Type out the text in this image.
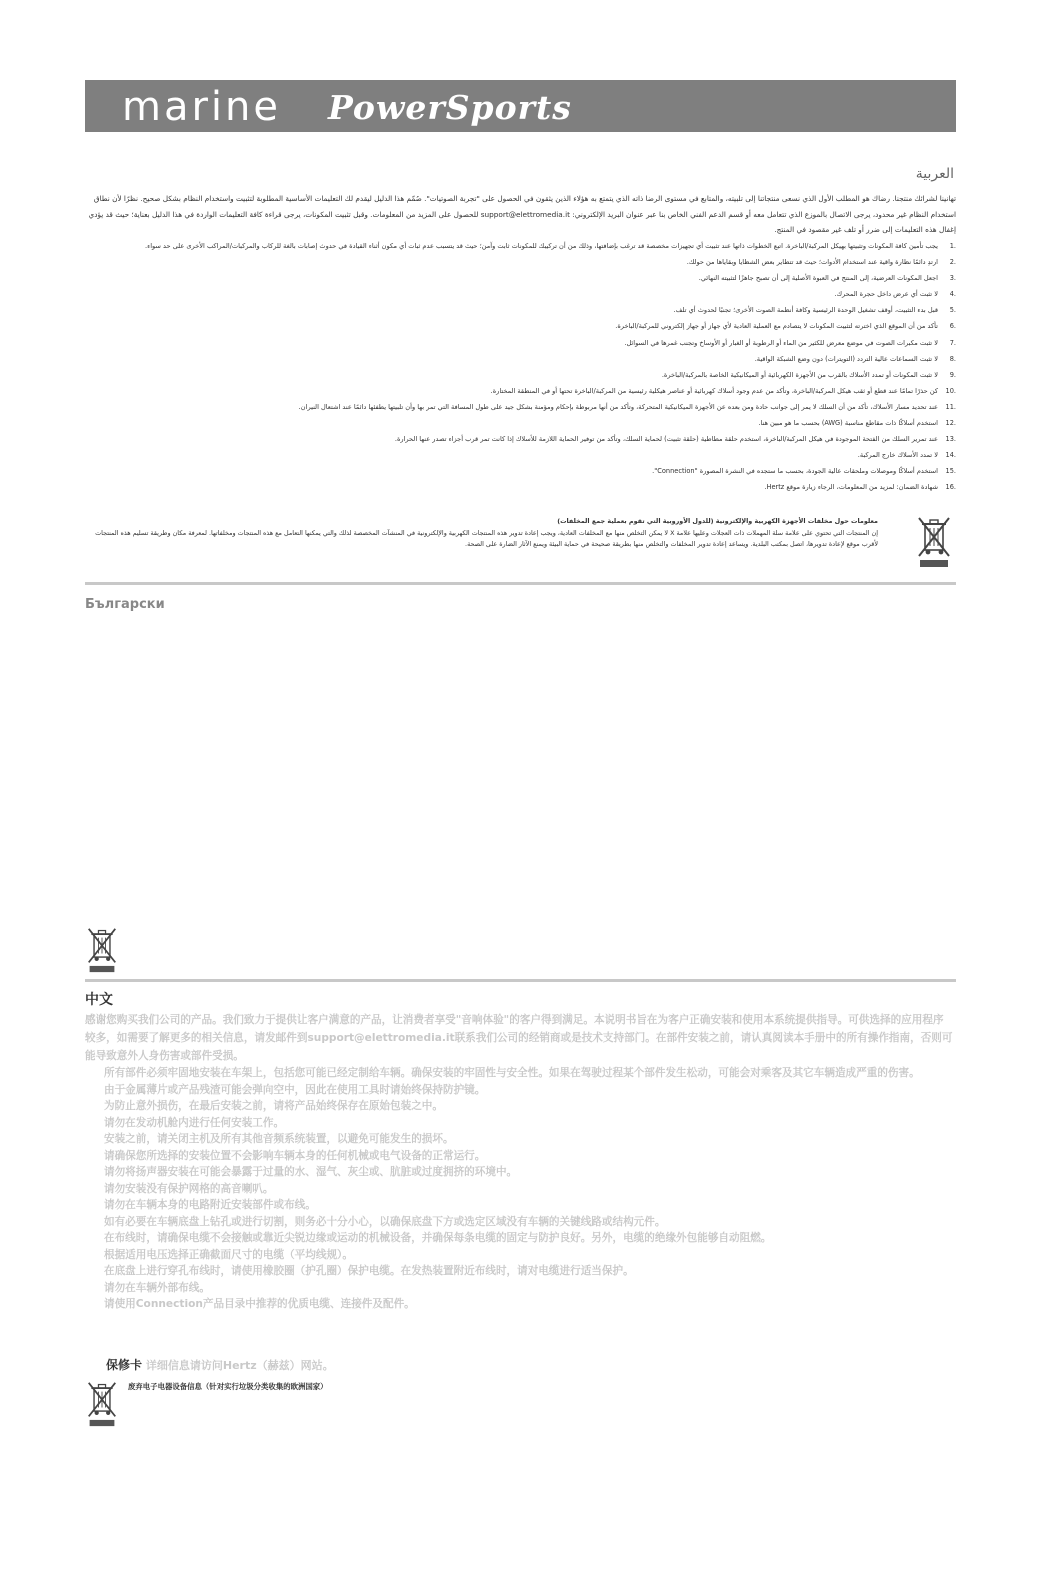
marine PowerSports
العربية
تهانينا لشرائك منتجنا. رضاك هو المطلب الأول الذي نسعى منتجاتنا إلى تلبيته، والمتابع في مستوى الرضا ذاته الذي يتمتع به هؤلاء الذين يثقون في الحصول على "تجربة الصوتيات". صُمّم هذا الدليل ليقدم لك التعليمات الأساسية المطلوبة لتثبيت واستخدام النظام بشكل صحيح. نظرًا لأن نطاق استخدام النظام غير محدود، يرجى الاتصال بالموزع الذي تتعامل معه أو قسم الدعم الفني الخاص بنا عبر عنوان البريد الإلكتروني: support@elettromedia.it للحصول على المزيد من المعلومات. وقبل تثبيت المكونات، يرجى قراءة كافة التعليمات الواردة في هذا الدليل بعناية؛ حيث قد يؤدي إغفال هذه التعليمات إلى ضرر أو تلف غير مقصود في المنتج.
.1
يجب تأمين كافة المكونات وتثبيتها بهيكل المركبة/الباخرة. اتبع الخطوات ذاتها عند تثبيت أي تجهيزات مخصصة قد ترغب بإضافتها، وذلك من أن تركيبك للمكونات ثابت وآمن؛ حيث قد يتسبب عدم ثبات أي مكون أثناء القيادة في حدوث إصابات بالغة للركاب والمركبات/المراكب الأخرى على حد سواء.
.2
ارتدِ دائمًا نظارة واقية عند استخدام الأدوات؛ حيث قد تتطاير بعض الشظايا وبقاياها من حولك.
.3
اجعل المكونات العرضية، إلى المنتج في العبوة الأصلية إلى أن تصبح جاهزًا لتثبيته النهائي.
.4
لا تثبت أي عرض داخل حجرة المحرك.
.5
قبل بدء التثبيت، أوقف تشغيل الوحدة الرئيسية وكافة أنظمة الصوت الأخرى؛ تجنبًا لحدوث أي تلف.
.6
تأكد من أن الموقع الذي اخترته لتثبيت المكونات لا يتصادم مع العملية العادية لأي جهاز أو جهاز إلكتروني للمركبة/الباخرة.
.7
لا تثبت مكبرات الصوت في موضع معرض للكثير من الماء أو الرطوبة أو الغبار أو الأوساخ وتجنب غمرها في السوائل.
.8
لا تثبت السماعات عالية التردد (التويترات) دون وضع الشبكة الواقية.
.9
لا تثبت المكونات أو تمدد الأسلاك بالقرب من الأجهزة الكهربائية أو الميكانيكية الخاصة بالمركبة/الباخرة.
.10
كن حذرًا تمامًا عند قطع أو ثقب هيكل المركبة/الباخرة، وتأكد من عدم وجود أسلاك كهربائية أو عناصر هيكلية رئيسية من المركبة/الباخرة تحتها أو في المنطقة المختارة.
.11
عند تحديد مسار الأسلاك، تأكد من أن السلك لا يمر إلى جوانب حادة ومن بعده عن الأجهزة الميكانيكية المتحركة، وتأكد من أنها مربوطة بإحكام ومؤمنة بشكل جيد على طول المسافة التي تمر بها وأن تلبيتها يطفئها دائمًا عند اشتعال النيران.
.12
استخدم أسلاكًا ذات مقاطع مناسبة (AWG) بحسب ما هو مبين هنا.
.13
عند تمرير السلك من الفتحة الموجودة في هيكل المركبة/الباخرة، استخدم حلقة مطاطية (حلقة تثبيت) لحماية السلك، وتأكد من توفير الحماية اللازمة للأسلاك إذا كانت تمر قرب أجزاء تصدر عنها الحرارة.
.14
لا تمدد الأسلاك خارج المركبة.
.15
استخدم أسلاكًا وموصلات وملحقات عالية الجودة، بحسب ما ستجده في النشرة المصورة "Connection".
.16
شهادة الضمان: لمزيد من المعلومات، الرجاء زيارة موقع Hertz.
معلومات حول مخلفات الأجهزة الكهربية والإلكترونية (للدول الأوروبية التي تقوم بعملية جمع المخلفات)
إن المنتجات التي تحتوي على علامة سلة المهملات ذات العجلات وعليها علامة X لا يمكن التخلص منها مع المخلفات العادية، ويجب إعادة تدوير هذه المنتجات الكهربية والإلكترونية في المنشآت المخصصة لذلك والتي يمكنها التعامل مع هذه المنتجات ومخلفاتها. لمعرفة مكان وطريقة تسليم هذه المنتجات لأقرب موقع لإعادة تدويرها، اتصل بمكتب البلدية. ويساعد إعادة تدوير المخلفات والتخلص منها بطريقة صحيحة في حماية البيئة ويمنع الآثار الضارة على الصحة.
Български
中文
感谢您购买我们公司的产品。我们致力于提供让客户满意的产品，让消费者享受"音响体验"的客户得到满足。本说明书旨在为客户正确安装和使用本系统提供指导。可供选择的应用程序较多，如需要了解更多的相关信息，请发邮件到support@elettromedia.it联系我们公司的经销商或是技术支持部门。在部件安装之前，请认真阅读本手册中的所有操作指南，否则可能导致意外人身伤害或部件受损。
所有部件必须牢固地安装在车架上，包括您可能已经定制给车辆。确保安装的牢固性与安全性。如果在驾驶过程某个部件发生松动，可能会对乘客及其它车辆造成严重的伤害。
由于金属薄片或产品残渣可能会弹向空中，因此在使用工具时请始终保持防护镜。
为防止意外损伤，在最后安装之前，请将产品始终保存在原始包装之中。
请勿在发动机舱内进行任何安装工作。
安装之前，请关闭主机及所有其他音频系统装置，以避免可能发生的损坏。
请确保您所选择的安装位置不会影响车辆本身的任何机械或电气设备的正常运行。
请勿将扬声器安装在可能会暴露于过量的水、湿气、灰尘或、肮脏或过度拥挤的环境中。
请勿安装没有保护网格的高音喇叭。
请勿在车辆本身的电路附近安装部件或布线。
如有必要在车辆底盘上钻孔或进行切割，则务必十分小心，以确保底盘下方或选定区域没有车辆的关键线路或结构元件。
在布线时，请确保电缆不会接触或靠近尖锐边缘或运动的机械设备，并确保每条电缆的固定与防护良好。另外，电缆的绝缘外包能够自动阻燃。
根据适用电压选择正确截面尺寸的电缆（平均线规）。
在底盘上进行穿孔布线时，请使用橡胶圈（护孔圈）保护电缆。在发热装置附近布线时，请对电缆进行适当保护。
请勿在车辆外部布线。
请使用Connection产品目录中推荐的优质电缆、连接件及配件。
保修卡 详细信息请访问Hertz（赫兹）网站。
废弃电子电器设备信息（针对实行垃圾分类收集的欧洲国家）
